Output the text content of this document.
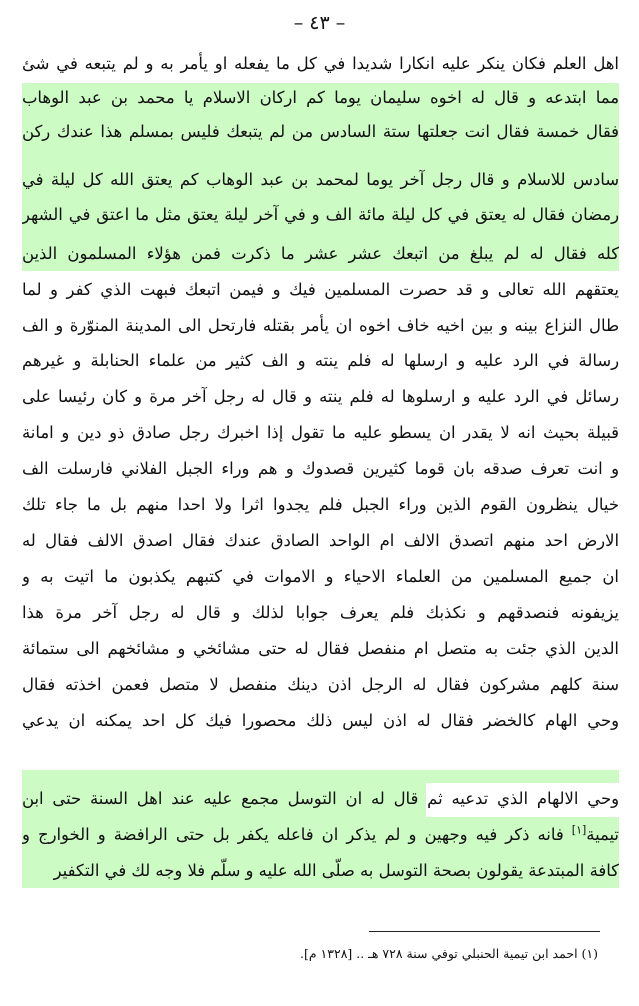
– ٤٣ –
اهل العلم فكان ينكر عليه انكارا شديدا في كل ما يفعله او يأمر به و لم يتبعه في شئ
مما ابتدعه و قال له اخوه سليمان يوما كم اركان الاسلام يا محمد بن عبد الوهاب
فقال خمسة فقال انت جعلتها ستة السادس من لم يتبعك فليس بمسلم هذا عندك ركن
سادس للاسلام و قال رجل آخر يوما لمحمد بن عبد الوهاب كم يعتق الله كل ليلة في
رمضان فقال له يعتق في كل ليلة مائة الف و في آخر ليلة يعتق مثل ما اعتق في الشهر
كله فقال له لم يبلغ من اتبعك عشر عشر ما ذكرت فمن هؤلاء المسلمون الذين
يعتقهم الله تعالى و قد حصرت المسلمين فيك و فيمن اتبعك فبهت الذي كفر و لما
طال النزاع بينه و بين اخيه خاف اخوه ان يأمر بقتله فارتحل الى المدينة المنوّرة و الف
رسالة في الرد عليه و ارسلها له فلم ينته و الف كثير من علماء الحنابلة و غيرهم
رسائل في الرد عليه و ارسلوها له فلم ينته و قال له رجل آخر مرة و كان رئيسا على
قبيلة بحيث انه لا يقدر ان يسطو عليه ما تقول إذا اخبرك رجل صادق ذو دين و امانة
و انت تعرف صدقه بان قوما كثيرين قصدوك و هم وراء الجبل الفلاني فارسلت الف
خيال ينظرون القوم الذين وراء الجبل فلم يجدوا اثرا ولا احدا منهم بل ما جاء تلك
الارض احد منهم اتصدق الالف ام الواحد الصادق عندك فقال اصدق الالف فقال له
ان جميع المسلمين من العلماء الاحياء و الاموات في كتبهم يكذبون ما اتيت به و
يزيفونه فنصدقهم و نكذبك فلم يعرف جوابا لذلك و قال له رجل آخر مرة هذا
الدين الذي جئت به متصل ام منفصل فقال له حتى مشائخي و مشائخهم الى ستمائة
سنة كلهم مشركون فقال له الرجل اذن دينك منفصل لا متصل فعمن اخذته فقال
وحي الهام كالخضر فقال له اذن ليس ذلك محصورا فيك كل احد يمكنه ان يدعي
وحي الالهام الذي تدعيه ثم قال له ان التوسل مجمع عليه عند اهل السنة حتى ابن
تيمية[١] فانه ذكر فيه وجهين و لم يذكر ان فاعله يكفر بل حتى الرافضة و الخوارج و
كافة المبتدعة يقولون بصحة التوسل به صلّى الله عليه و سلّم فلا وجه لك في التكفير
(١) احمد ابن تيمية الحنبلي توفي سنة ٧٢٨ هـ .. [١٣٢٨ م].
